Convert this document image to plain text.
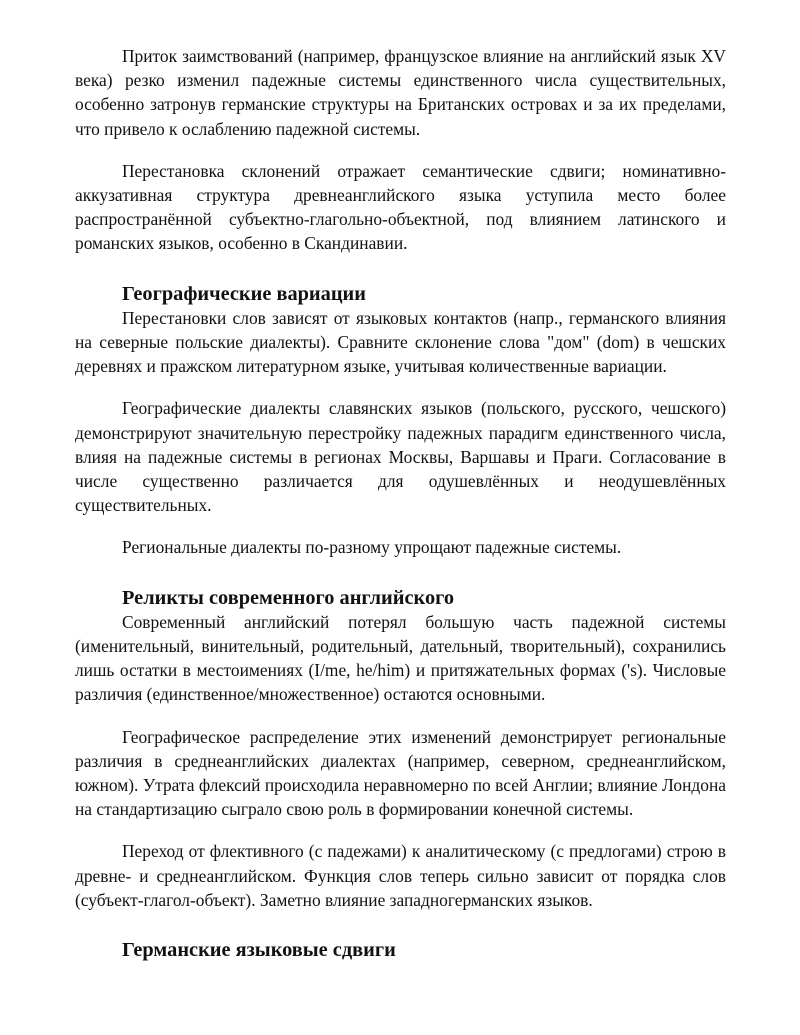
Приток заимствований (например, французское влияние на английский язык XV века) резко изменил падежные системы единственного числа существительных, особенно затронув германские структуры на Британских островах и за их пределами, что привело к ослаблению падежной системы.

Перестановка склонений отражает семантические сдвиги; номинативно-аккузативная структура древнеанглийского языка уступила место более распространённой субъектно-глагольно-объектной, под влиянием латинского и романских языков, особенно в Скандинавии.

Географические вариации

Перестановки слов зависят от языковых контактов (напр., германского влияния на северные польские диалекты). Сравните склонение слова "дом" (dom) в чешских деревнях и пражском литературном языке, учитывая количественные вариации.

Географические диалекты славянских языков (польского, русского, чешского) демонстрируют значительную перестройку падежных парадигм единственного числа, влияя на падежные системы в регионах Москвы, Варшавы и Праги. Согласование в числе существенно различается для одушевлённых и неодушевлённых существительных.

Региональные диалекты по-разному упрощают падежные системы.

Реликты современного английского

Современный английский потерял большую часть падежной системы (именительный, винительный, родительный, дательный, творительный), сохранились лишь остатки в местоимениях (I/me, he/him) и притяжательных формах ('s). Числовые различия (единственное/множественное) остаются основными.

Географическое распределение этих изменений демонстрирует региональные различия в среднеанглийских диалектах (например, северном, среднеанглийском, южном). Утрата флексий происходила неравномерно по всей Англии; влияние Лондона на стандартизацию сыграло свою роль в формировании конечной системы.

Переход от флективного (с падежами) к аналитическому (с предлогами) строю в древне- и среднеанглийском. Функция слов теперь сильно зависит от порядка слов (субъект-глагол-объект). Заметно влияние западногерманских языков.

Германские языковые сдвиги
